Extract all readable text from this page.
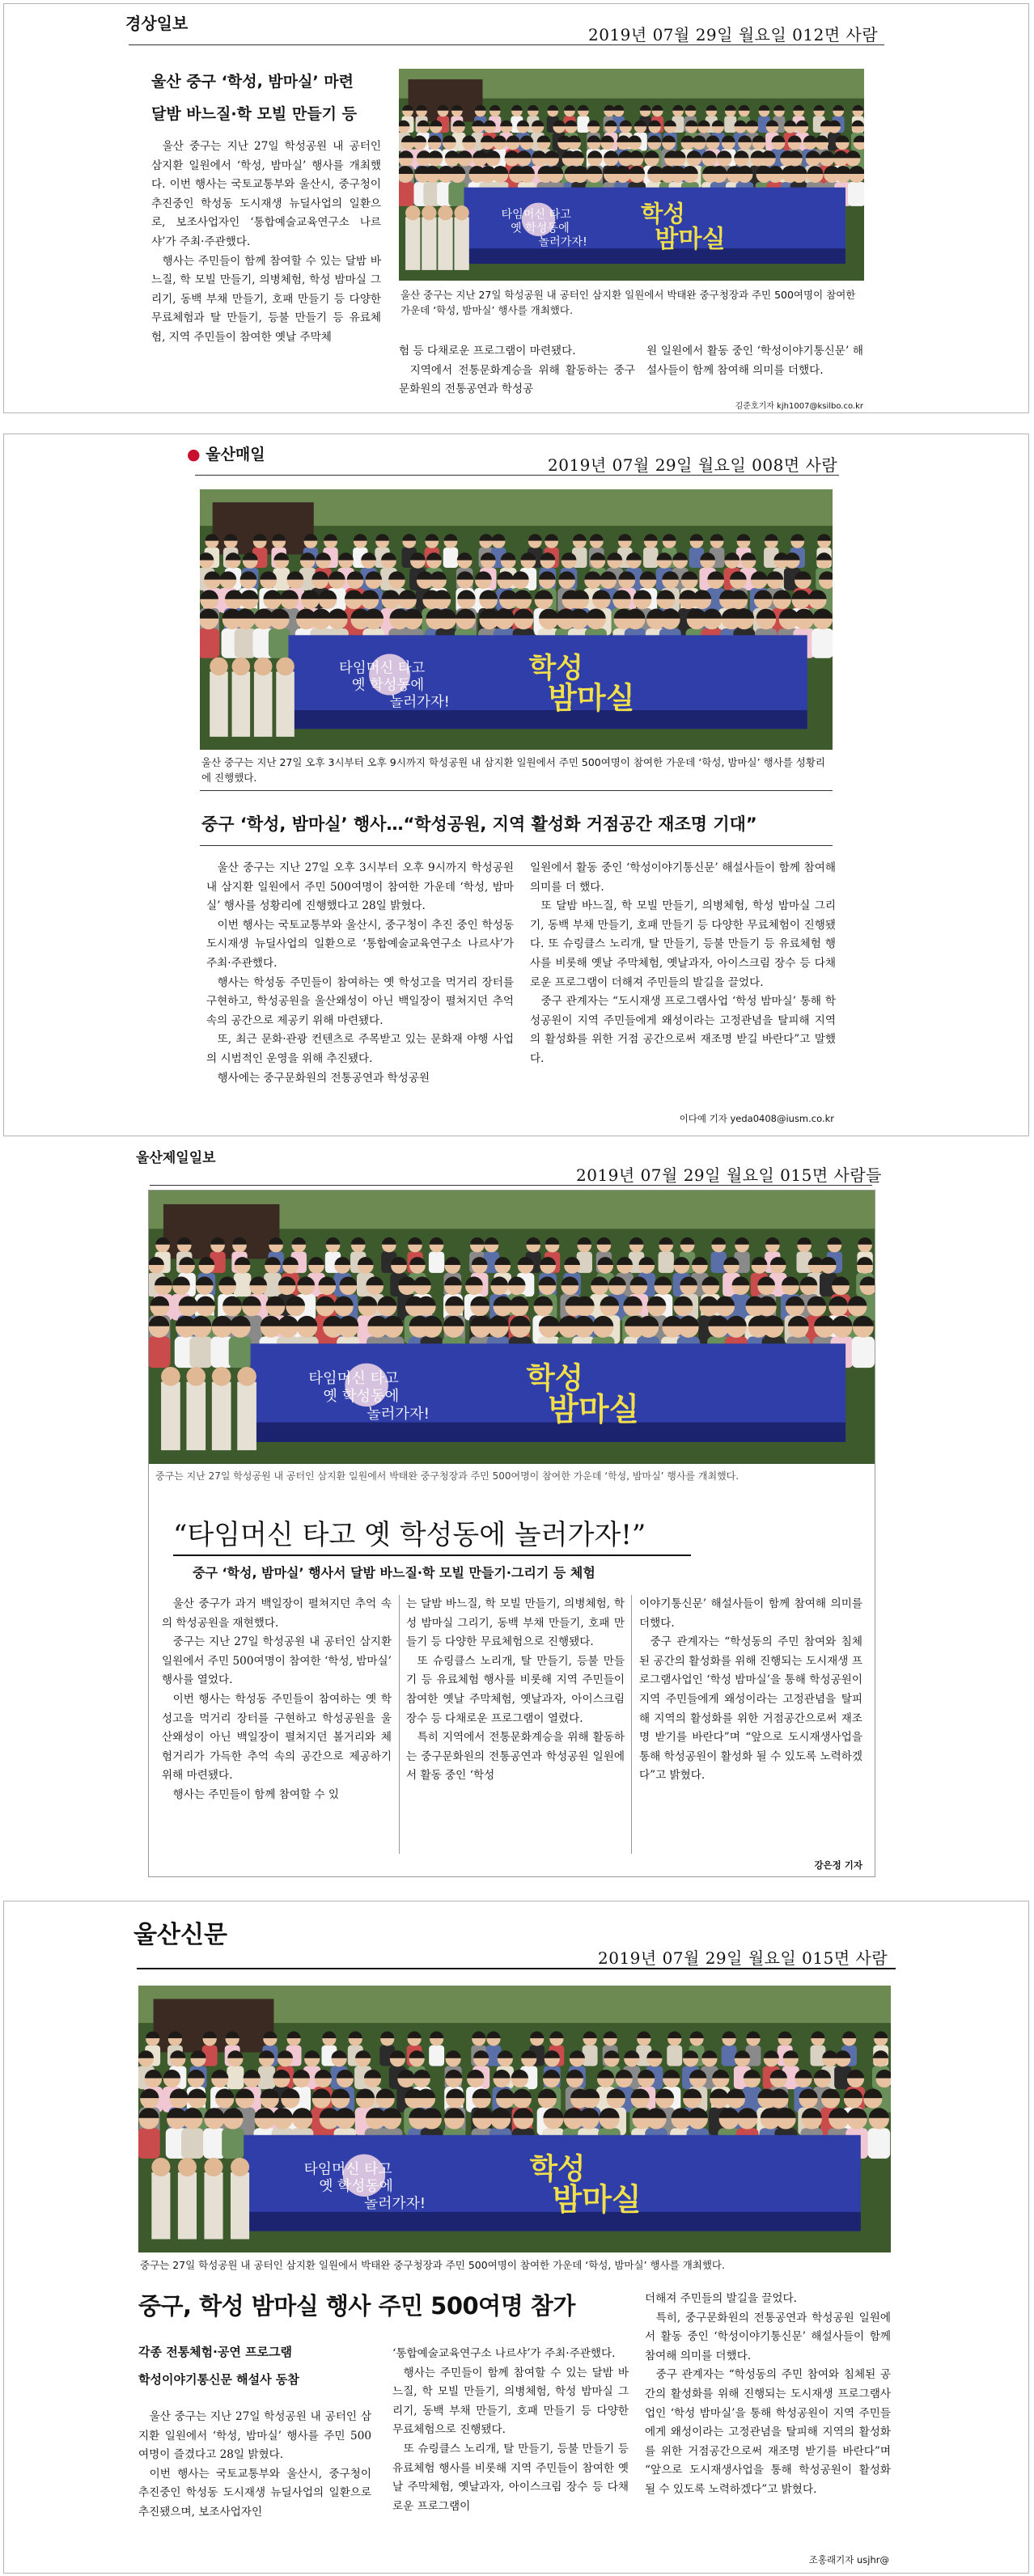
경상일보
2019년 07월 29일 월요일 012면 사람
울산 중구 ‘학성, 밤마실’ 마련
달밤 바느질·학 모빌 만들기 등
타임머신 타고
옛 학성동에
놀러가자!
학성
밤마실
울산 중구는 지난 27일 학성공원 내 공터인 삼지환 일원에서 박태완 중구청장과 주민 500여명이 참여한 가운데 ‘학성, 밤마실’ 행사를 개최했다.

울산 중구는 지난 27일 학성공원 내 공터인 삼지환 일원에서 ‘학성, 밤마실’ 행사를 개최했다. 이번 행사는 국토교통부와 울산시, 중구청이 추진중인 학성동 도시재생 뉴딜사업의 일환으로, 보조사업자인 ‘통합예술교육연구소 나르샤’가 주최·주관했다.

행사는 주민들이 함께 참여할 수 있는 달밤 바느질, 학 모빌 만들기, 의병체험, 학성 밤마실 그리기, 동백 부채 만들기, 호패 만들기 등 다양한 무료체험과 탈 만들기, 등불 만들기 등 유료체험, 지역 주민들이 참여한 옛날 주막체

험 등 다채로운 프로그램이 마련됐다.

지역에서 전통문화계승을 위해 활동하는 중구문화원의 전통공연과 학성공

원 일원에서 활동 중인 ‘학성이야기통신문’ 해설사들이 함께 참여해 의미를 더했다.

김준호기자 kjh1007@ksilbo.co.kr
● 울산매일
2019년 07월 29일 월요일 008면 사람
타임머신 타고
옛 학성동에
놀러가자!
학성
밤마실
울산 중구는 지난 27일 오후 3시부터 오후 9시까지 학성공원 내 삼지환 일원에서 주민 500여명이 참여한 가운데 ‘학성, 밤마실’ 행사를 성황리에 진행했다.
중구 ‘학성, 밤마실’ 행사…“학성공원, 지역 활성화 거점공간 재조명 기대”

울산 중구는 지난 27일 오후 3시부터 오후 9시까지 학성공원 내 삼지환 일원에서 주민 500여명이 참여한 가운데 ‘학성, 밤마실’ 행사를 성황리에 진행했다고 28일 밝혔다.

이번 행사는 국토교통부와 울산시, 중구청이 추진 중인 학성동 도시재생 뉴딜사업의 일환으로 ‘통합예술교육연구소 나르샤’가 주최·주관했다.

행사는 학성동 주민들이 참여하는 옛 학성고을 먹거리 장터를 구현하고, 학성공원을 울산왜성이 아닌 백일장이 펼쳐지던 추억 속의 공간으로 제공키 위해 마련됐다.

또, 최근 문화·관광 컨텐츠로 주목받고 있는 문화재 야행 사업의 시범적인 운영을 위해 추진됐다.

행사에는 중구문화원의 전통공연과 학성공원

일원에서 활동 중인 ‘학성이야기통신문’ 해설사들이 함께 참여해 의미를 더 했다.

또 달밤 바느질, 학 모빌 만들기, 의병체험, 학성 밤마실 그리기, 동백 부채 만들기, 호패 만들기 등 다양한 무료체험이 진행됐다. 또 슈링클스 노리개, 탈 만들기, 등불 만들기 등 유료체험 행사를 비롯해 옛날 주막체험, 옛날과자, 아이스크림 장수 등 다채로운 프로그램이 더해져 주민들의 발길을 끌었다.

중구 관계자는 “도시재생 프로그램사업 ‘학성 밤마실’ 통해 학성공원이 지역 주민들에게 왜성이라는 고정관념을 탈피해 지역의 활성화를 위한 거점 공간으로써 재조명 받길 바란다”고 말했다.

이다예 기자 yeda0408@iusm.co.kr
울산제일일보
2019년 07월 29일 월요일 015면 사람들
타임머신 타고
옛 학성동에
놀러가자!
학성
밤마실
중구는 지난 27일 학성공원 내 공터인 삼지환 일원에서 박태완 중구청장과 주민 500여명이 참여한 가운데 ‘학성, 밤마실’ 행사를 개최했다.
“타임머신 타고 옛 학성동에 놀러가자!”
중구 ‘학성, 밤마실’ 행사서 달밤 바느질·학 모빌 만들기·그리기 등 체험

울산 중구가 과거 백일장이 펼쳐지던 추억 속의 학성공원을 재현했다.

중구는 지난 27일 학성공원 내 공터인 삼지환 일원에서 주민 500여명이 참여한 ‘학성, 밤마실’ 행사를 열었다.

이번 행사는 학성동 주민들이 참여하는 옛 학성고을 먹거리 장터를 구현하고 학성공원을 울산왜성이 아닌 백일장이 펼쳐지던 볼거리와 체험거리가 가득한 추억 속의 공간으로 제공하기 위해 마련됐다.

행사는 주민들이 함께 참여할 수 있

는 달밤 바느질, 학 모빌 만들기, 의병체험, 학성 밤마실 그리기, 동백 부채 만들기, 호패 만들기 등 다양한 무료체험으로 진행됐다.

또 슈링클스 노리개, 탈 만들기, 등불 만들기 등 유료체험 행사를 비롯해 지역 주민들이 참여한 옛날 주막체험, 옛날과자, 아이스크림 장수 등 다채로운 프로그램이 열렸다.

특히 지역에서 전통문화계승을 위해 활동하는 중구문화원의 전통공연과 학성공원 일원에서 활동 중인 ‘학성

이야기통신문’ 해설사들이 함께 참여해 의미를 더했다.

중구 관계자는 “학성동의 주민 참여와 침체된 공간의 활성화를 위해 진행되는 도시재생 프로그램사업인 ‘학성 밤마실’을 통해 학성공원이 지역 주민들에게 왜성이라는 고정관념을 탈피해 지역의 활성화를 위한 거점공간으로써 재조명 받기를 바란다”며 “앞으로 도시재생사업을 통해 학성공원이 활성화 될 수 있도록 노력하겠다”고 밝혔다.

강은정 기자
울산신문
2019년 07월 29일 월요일 015면 사람
타임머신 타고
옛 학성동에
놀러가자!
학성
밤마실
중구는 27일 학성공원 내 공터인 삼지환 일원에서 박태완 중구청장과 주민 500여명이 참여한 가운데 ‘학성, 밤마실’ 행사를 개최했다.
중구, 학성 밤마실 행사 주민 500여명 참가
각종 전통체험·공연 프로그램
학성이야기통신문 해설사 동참

울산 중구는 지난 27일 학성공원 내 공터인 삼지환 일원에서 ‘학성, 밤마실’ 행사를 주민 500여명이 즐겼다고 28일 밝혔다.

이번 행사는 국토교통부와 울산시, 중구청이 추진중인 학성동 도시재생 뉴딜사업의 일환으로 추진됐으며, 보조사업자인

‘통합예술교육연구소 나르샤’가 주최·주관했다.

행사는 주민들이 함께 참여할 수 있는 달밤 바느질, 학 모빌 만들기, 의병체험, 학성 밤마실 그리기, 동백 부채 만들기, 호패 만들기 등 다양한 무료체험으로 진행됐다.

또 슈링클스 노리개, 탈 만들기, 등불 만들기 등 유료체험 행사를 비롯해 지역 주민들이 참여한 옛날 주막체험, 옛날과자, 아이스크림 장수 등 다채로운 프로그램이

더해져 주민들의 발길을 끌었다.

특히, 중구문화원의 전통공연과 학성공원 일원에서 활동 중인 ‘학성이야기통신문’ 해설사들이 함께 참여해 의미를 더했다.

중구 관계자는 “학성동의 주민 참여와 침체된 공간의 활성화를 위해 진행되는 도시재생 프로그램사업인 ‘학성 밤마실’을 통해 학성공원이 지역 주민들에게 왜성이라는 고정관념을 탈피해 지역의 활성화를 위한 거점공간으로써 재조명 받기를 바란다”며 “앞으로 도시재생사업을 통해 학성공원이 활성화 될 수 있도록 노력하겠다”고 밝혔다.

조홍래기자 usjhr@
